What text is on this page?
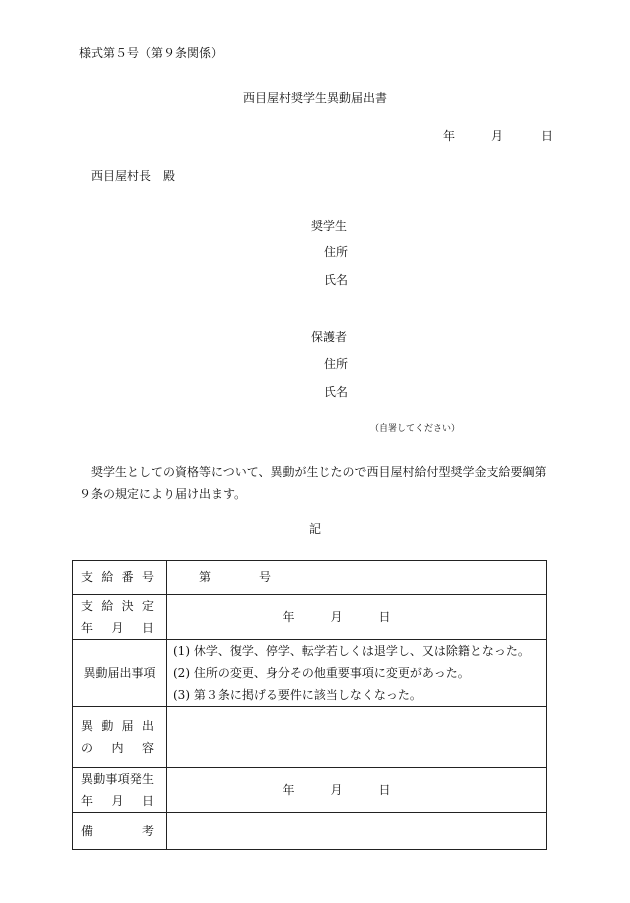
様式第５号（第９条関係）
西目屋村奨学生異動届出書
年	月	日
西目屋村長　殿
奨学生
住所
氏名
保護者
住所
氏名
（自署してください）
奨学生としての資格等について、異動が生じたので西目屋村給付型奨学金支給要綱第９条の規定により届け出ます。
記
支給番号	第 号

支給決定
年月日	年 月 日

異動届出事項	(1) 休学、復学、停学、転学若しくは退学し、又は除籍となった。
(2) 住所の変更、身分その他重要事項に変更があった。
(3) 第３条に掲げる要件に該当しなくなった。

異動届出
の内容	

異動事項発生
年月日	年 月 日

備考	
